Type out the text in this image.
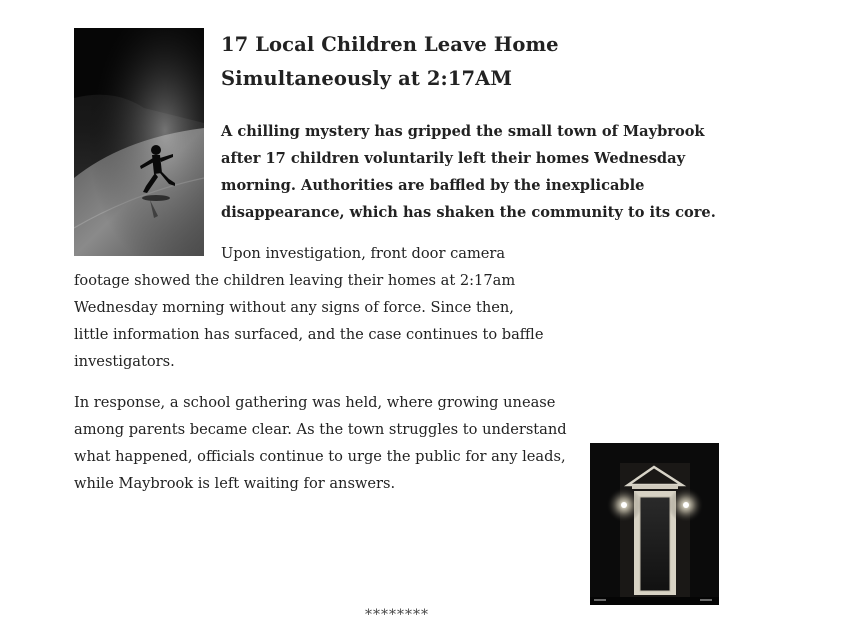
17 Local Children Leave Home
Simultaneously at 2:17AM

A chilling mystery has gripped the small town of Maybrook after 17 children voluntarily left their homes Wednesday morning. Authorities are baffled by the inexplicable disappearance, which has shaken the community to its core.

Upon investigation, front door camera footage showed the children leaving their homes at 2:17am Wednesday morning without any signs of force. Since then, little information has surfaced, and the case continues to baffle investigators.

In response, a school gathering was held, where growing unease among parents became clear. As the town struggles to understand what happened, officials continue to urge the public for any leads, while Maybrook is left waiting for answers.

********
